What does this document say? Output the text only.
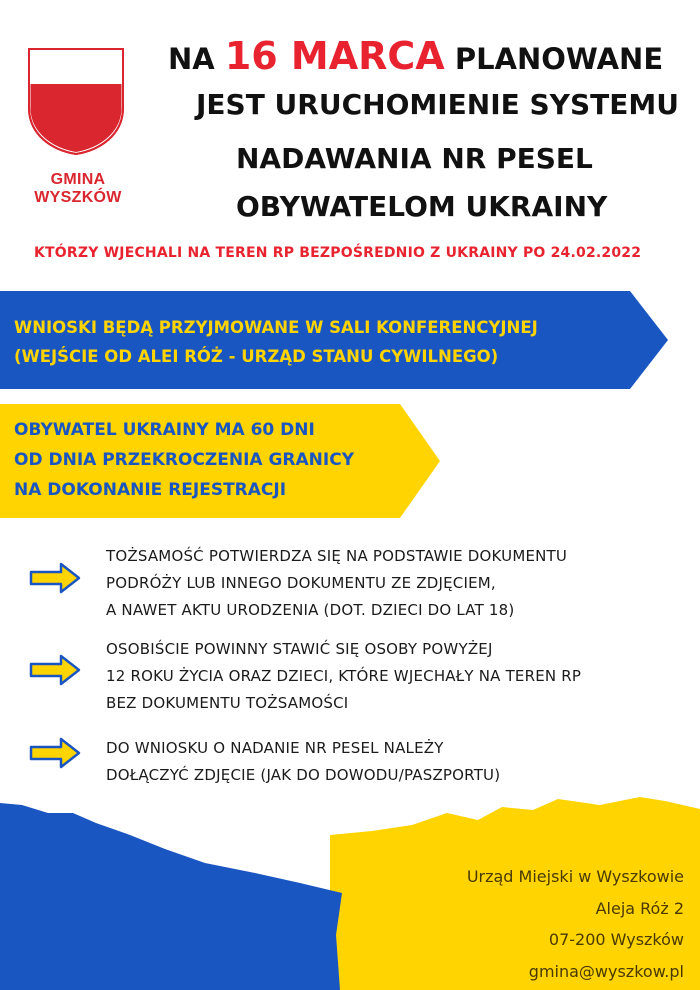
GMINA WYSZKÓW
NA 16 MARCA PLANOWANE
JEST URUCHOMIENIE SYSTEMU
NADAWANIA NR PESEL
OBYWATELOM UKRAINY
KTÓRZY WJECHALI NA TEREN RP BEZPOŚREDNIO Z UKRAINY PO 24.02.2022
WNIOSKI BĘDĄ PRZYJMOWANE W SALI KONFERENCYJNEJ
(WEJŚCIE OD ALEI RÓŻ - URZĄD STANU CYWILNEGO)
OBYWATEL UKRAINY MA 60 DNI
OD DNIA PRZEKROCZENIA GRANICY
NA DOKONANIE REJESTRACJI
TOŻSAMOŚĆ POTWIERDZA SIĘ NA PODSTAWIE DOKUMENTU
PODRÓŻY LUB INNEGO DOKUMENTU ZE ZDJĘCIEM,
A NAWET AKTU URODZENIA (DOT. DZIECI DO LAT 18)
OSOBIŚCIE POWINNY STAWIĆ SIĘ OSOBY POWYŻEJ
12 ROKU ŻYCIA ORAZ DZIECI, KTÓRE WJECHAŁY NA TEREN RP
BEZ DOKUMENTU TOŻSAMOŚCI
DO WNIOSKU O NADANIE NR PESEL NALEŻY
DOŁĄCZYĆ ZDJĘCIE (JAK DO DOWODU/PASZPORTU)
Urząd Miejski w Wyszkowie
Aleja Róż 2
07-200 Wyszków
gmina@wyszkow.pl
